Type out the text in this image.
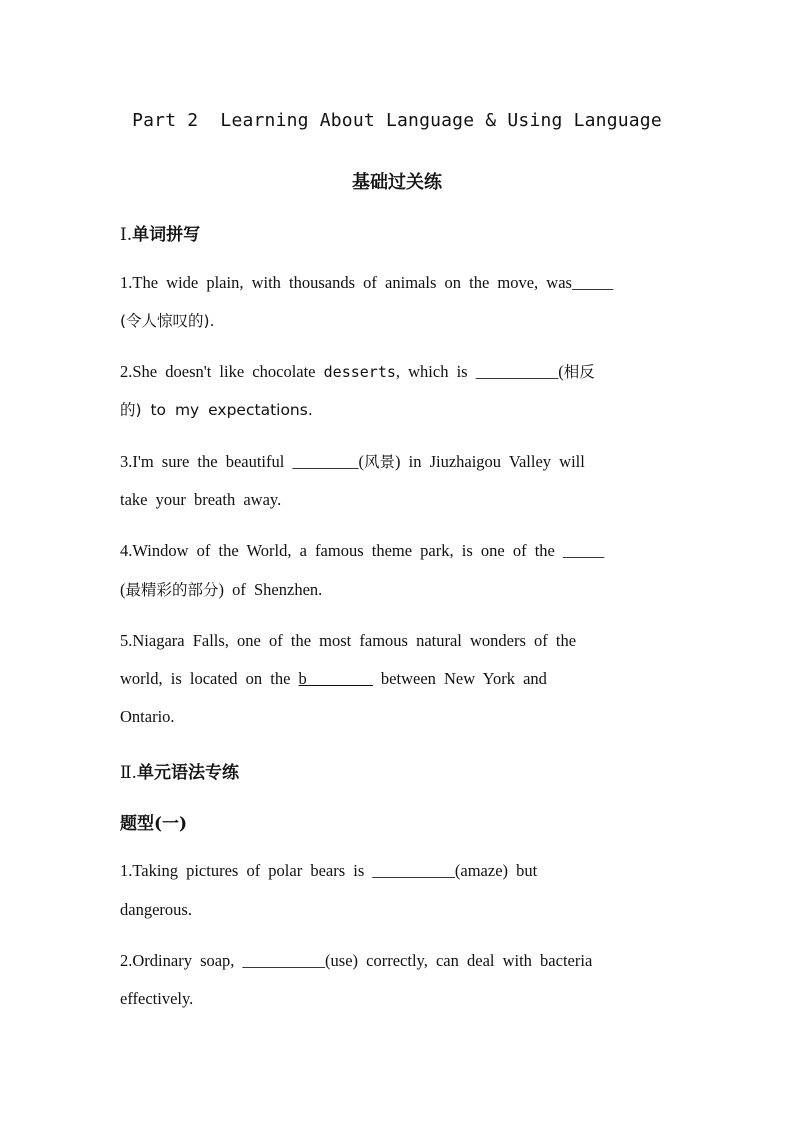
Part 2  Learning About Language & Using Language
基础过关练
Ⅰ.单词拼写
1.The wide plain, with thousands of animals on the move, was_____
(令人惊叹的).
2.She doesn't like chocolate desserts, which is __________(相反
的) to my expectations.
3.I'm sure the beautiful ________(风景) in Jiuzhaigou Valley will
take your breath away.
4.Window of the World, a famous theme park, is one of the _____
(最精彩的部分) of Shenzhen.
5.Niagara Falls, one of the most famous natural wonders of the
world, is located on the b________ between New York and
Ontario.
Ⅱ.单元语法专练
题型(一)
1.Taking pictures of polar bears is __________(amaze) but
dangerous.
2.Ordinary soap, __________(use) correctly, can deal with bacteria
effectively.
